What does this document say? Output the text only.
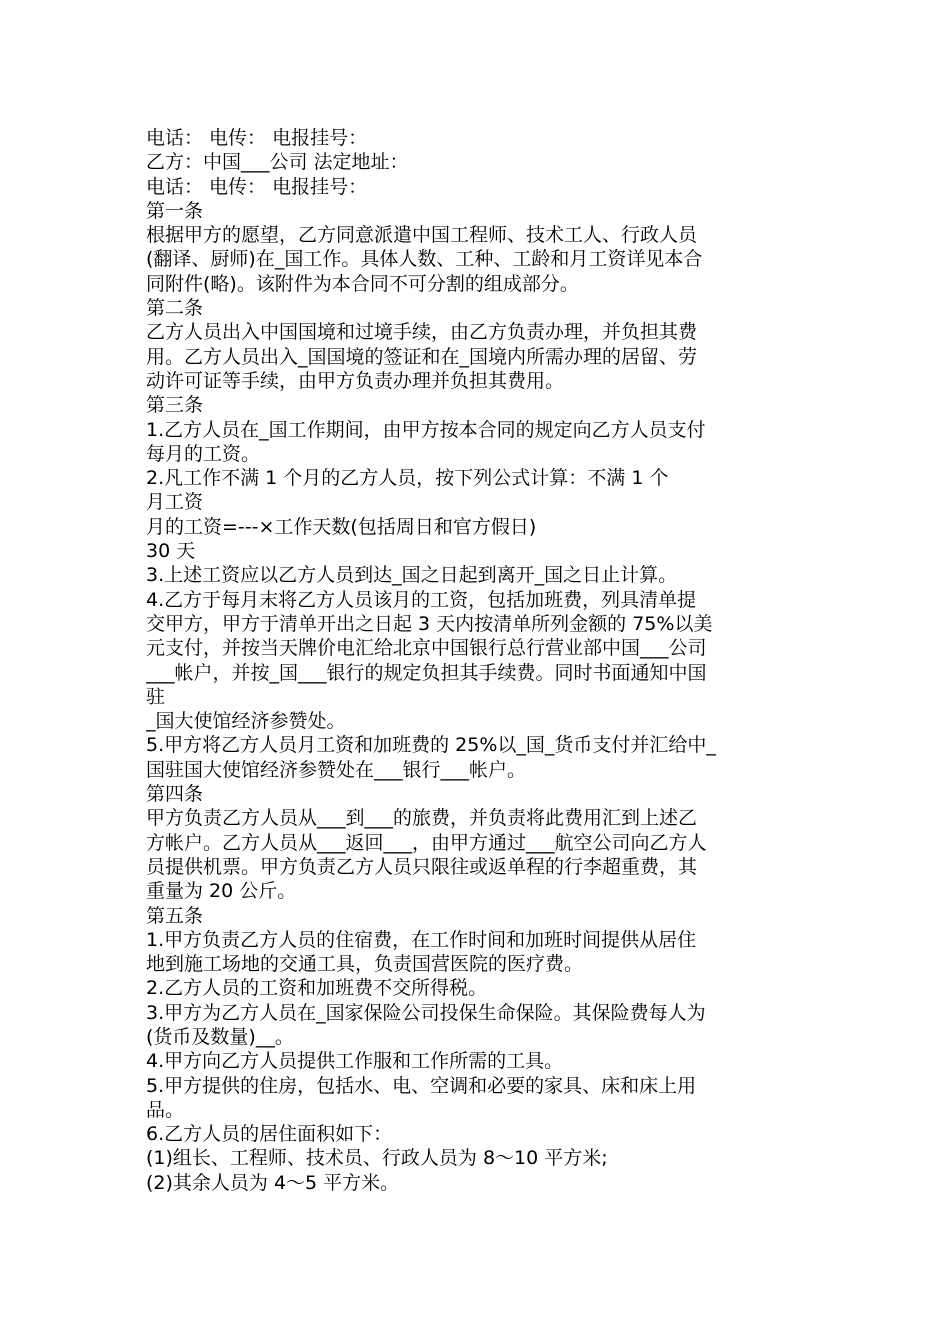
电话： 电传： 电报挂号：
乙方：中国___公司 法定地址：
电话： 电传： 电报挂号：
第一条
根据甲方的愿望，乙方同意派遣中国工程师、技术工人、行政人员
(翻译、厨师)在_国工作。具体人数、工种、工龄和月工资详见本合
同附件(略)。该附件为本合同不可分割的组成部分。
第二条
乙方人员出入中国国境和过境手续，由乙方负责办理，并负担其费
用。乙方人员出入_国国境的签证和在_国境内所需办理的居留、劳
动许可证等手续，由甲方负责办理并负担其费用。
第三条
1.乙方人员在_国工作期间，由甲方按本合同的规定向乙方人员支付
每月的工资。
2.凡工作不满 1 个月的乙方人员，按下列公式计算：不满 1 个
月工资
月的工资=---×工作天数(包括周日和官方假日)
30 天
3.上述工资应以乙方人员到达_国之日起到离开_国之日止计算。
4.乙方于每月末将乙方人员该月的工资，包括加班费，列具清单提
交甲方，甲方于清单开出之日起 3 天内按清单所列金额的 75%以美
元支付，并按当天牌价电汇给北京中国银行总行营业部中国___公司
___帐户，并按_国___银行的规定负担其手续费。同时书面通知中国
驻
_国大使馆经济参赞处。
5.甲方将乙方人员月工资和加班费的 25%以_国_货币支付并汇给中_
国驻国大使馆经济参赞处在___银行___帐户。
第四条
甲方负责乙方人员从___到___的旅费，并负责将此费用汇到上述乙
方帐户。乙方人员从___返回___，由甲方通过___航空公司向乙方人
员提供机票。甲方负责乙方人员只限往或返单程的行李超重费，其
重量为 20 公斤。
第五条
1.甲方负责乙方人员的住宿费，在工作时间和加班时间提供从居住
地到施工场地的交通工具，负责国营医院的医疗费。
2.乙方人员的工资和加班费不交所得税。
3.甲方为乙方人员在_国家保险公司投保生命保险。其保险费每人为
(货币及数量)__。
4.甲方向乙方人员提供工作服和工作所需的工具。
5.甲方提供的住房，包括水、电、空调和必要的家具、床和床上用
品。
6.乙方人员的居住面积如下：
(1)组长、工程师、技术员、行政人员为 8～10 平方米;
(2)其余人员为 4～5 平方米。
